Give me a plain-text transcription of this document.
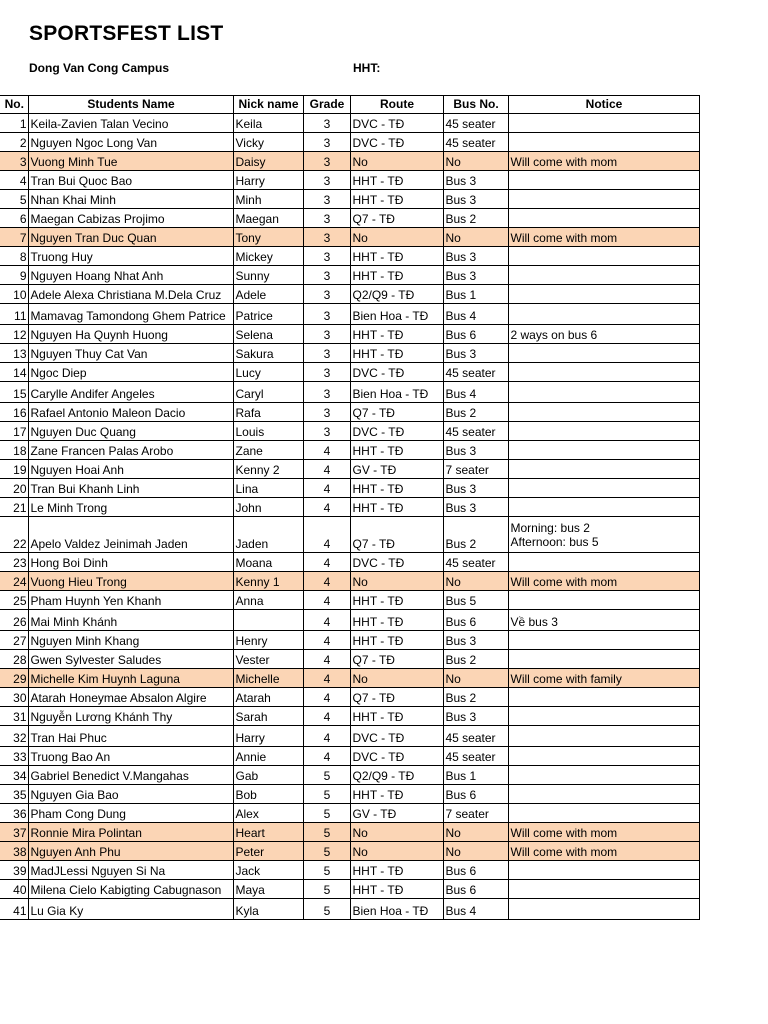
SPORTSFEST LIST
Dong Van Cong Campus	HHT:
No.	Students Name	Nick name	Grade	Route	Bus No.	Notice
1	Keila-Zavien Talan Vecino	Keila	3	DVC - TĐ	45 seater	
2	Nguyen Ngoc Long Van	Vicky	3	DVC - TĐ	45 seater	
3	Vuong Minh Tue	Daisy	3	No	No	Will come with mom
4	Tran Bui Quoc Bao	Harry	3	HHT - TĐ	Bus 3	
5	Nhan Khai Minh	Minh	3	HHT - TĐ	Bus 3	
6	Maegan Cabizas Projimo	Maegan	3	Q7 - TĐ	Bus 2	
7	Nguyen Tran Duc Quan	Tony	3	No	No	Will come with mom
8	Truong Huy	Mickey	3	HHT - TĐ	Bus 3	
9	Nguyen Hoang Nhat Anh	Sunny	3	HHT - TĐ	Bus 3	
10	Adele Alexa Christiana M.Dela Cruz	Adele	3	Q2/Q9 - TĐ	Bus 1	
11	Mamavag Tamondong Ghem Patrice	Patrice	3	Bien Hoa - TĐ	Bus 4	
12	Nguyen Ha Quynh Huong	Selena	3	HHT - TĐ	Bus 6	2 ways on bus 6
13	Nguyen Thuy Cat Van	Sakura	3	HHT - TĐ	Bus 3	
14	Ngoc Diep	Lucy	3	DVC - TĐ	45 seater	
15	Carylle Andifer Angeles	Caryl	3	Bien Hoa - TĐ	Bus 4	
16	Rafael Antonio Maleon Dacio	Rafa	3	Q7 - TĐ	Bus 2	
17	Nguyen Duc Quang	Louis	3	DVC - TĐ	45 seater	
18	Zane Francen Palas Arobo	Zane	4	HHT - TĐ	Bus 3	
19	Nguyen Hoai Anh	Kenny 2	4	GV - TĐ	7 seater	
20	Tran Bui Khanh Linh	Lina	4	HHT - TĐ	Bus 3	
21	Le Minh Trong	John	4	HHT - TĐ	Bus 3	
22	Apelo Valdez Jeinimah Jaden	Jaden	4	Q7 - TĐ	Bus 2	Morning: bus 2
Afternoon: bus 5

23	Hong Boi Dinh	Moana	4	DVC - TĐ	45 seater	
24	Vuong Hieu Trong	Kenny 1	4	No	No	Will come with mom
25	Pham Huynh Yen Khanh	Anna	4	HHT - TĐ	Bus 5	
26	Mai Minh Khánh		4	HHT - TĐ	Bus 6	Về bus 3
27	Nguyen Minh Khang	Henry	4	HHT - TĐ	Bus 3	
28	Gwen Sylvester Saludes	Vester	4	Q7 - TĐ	Bus 2	
29	Michelle Kim Huynh Laguna	Michelle	4	No	No	Will come with family
30	Atarah Honeymae Absalon Algire	Atarah	4	Q7 - TĐ	Bus 2	
31	Nguyễn Lương Khánh Thy	Sarah	4	HHT - TĐ	Bus 3	
32	Tran Hai Phuc	Harry	4	DVC - TĐ	45 seater	
33	Truong Bao An	Annie	4	DVC - TĐ	45 seater	
34	Gabriel Benedict V.Mangahas	Gab	5	Q2/Q9 - TĐ	Bus 1	
35	Nguyen Gia Bao	Bob	5	HHT - TĐ	Bus 6	
36	Pham Cong Dung	Alex	5	GV - TĐ	7 seater	
37	Ronnie Mira Polintan	Heart	5	No	No	Will come with mom
38	Nguyen Anh Phu	Peter	5	No	No	Will come with mom
39	MadJLessi Nguyen Si Na	Jack	5	HHT - TĐ	Bus 6	
40	Milena Cielo Kabigting Cabugnason	Maya	5	HHT - TĐ	Bus 6	
41	Lu Gia Ky	Kyla	5	Bien Hoa - TĐ	Bus 4	
